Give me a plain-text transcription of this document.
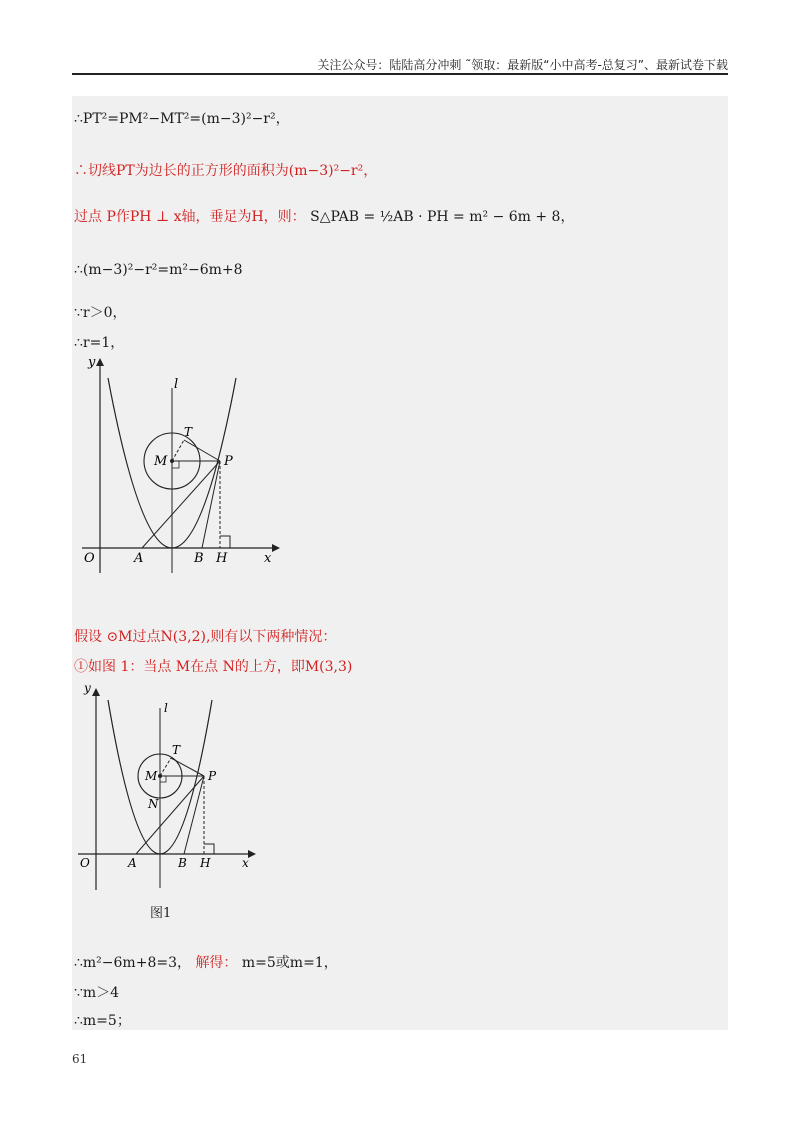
关注公众号：陆陆高分冲刺 ˜领取：最新版“小中高考-总复习”、最新试卷下载
∴PT²=PM²−MT²=(m−3)²−r²，
∴切线PT为边长的正方形的面积为(m−3)²−r²，
过点 P作PH ⊥ x轴，垂足为H，则： S△PAB = ½AB · PH = m² − 6m + 8，
∴(m−3)²−r²=m²−6m+8
∵r＞0，
∴r=1，
y
l
T
M	P
O	A	B H	x
假设 ⊙M过点N(3,2),则有以下两种情况：
①如图 1：当点 M在点 N的上方，即M(3,3)
y
l
T
M	P
N
O	A	B H	x
图1
∴m²−6m+8=3， 解得： m=5或m=1，
∵m＞4
∴m=5；
61
